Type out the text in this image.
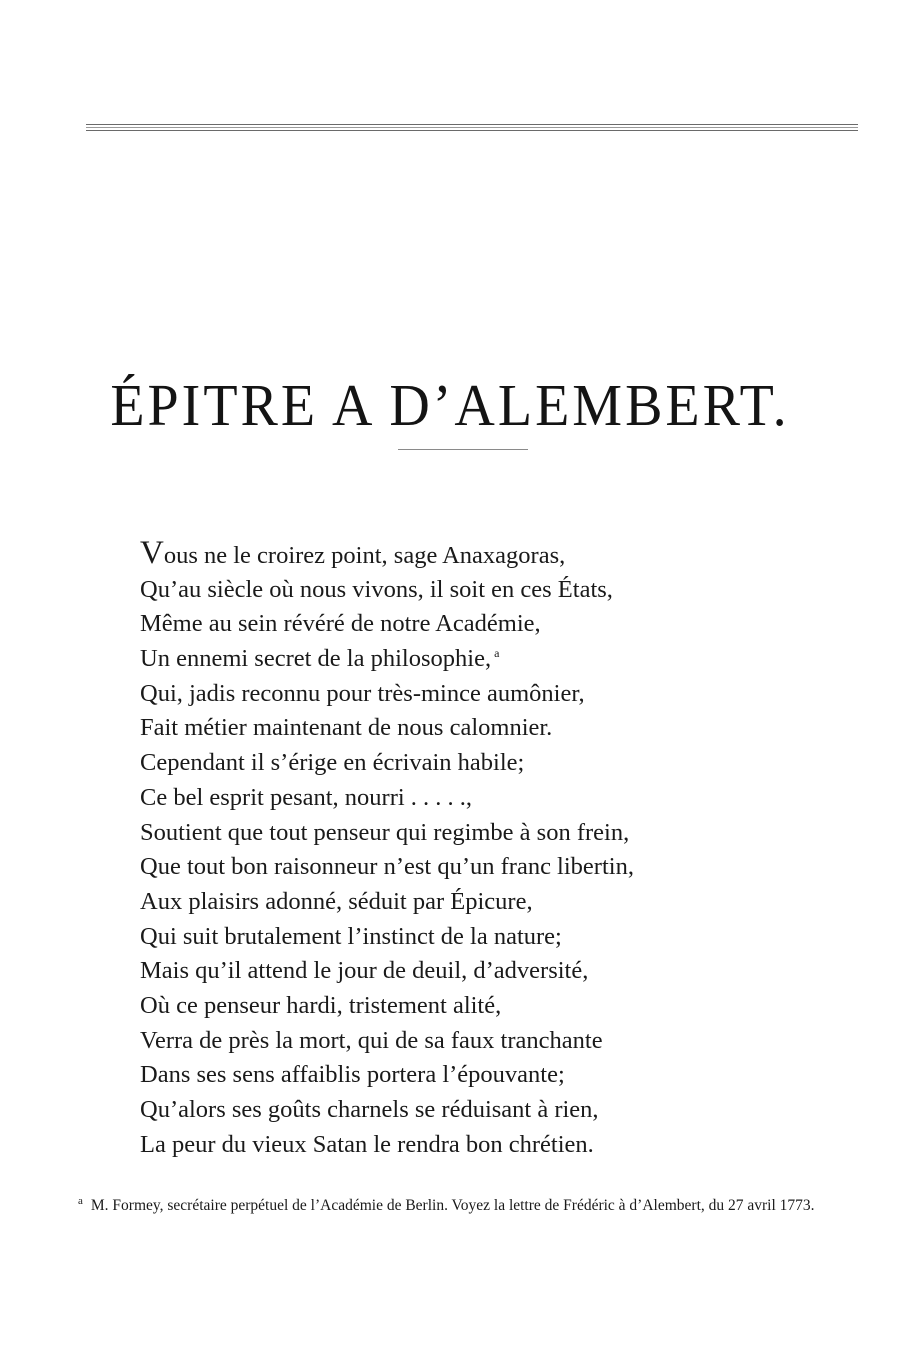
ÉPITRE A D’ALEMBERT.
Vous ne le croirez point, sage Anaxagoras,
Qu’au siècle où nous vivons, il soit en ces États,
Même au sein révéré de notre Académie,
Un ennemi secret de la philosophie, $^a$
Qui, jadis reconnu pour très-mince aumônier,
Fait métier maintenant de nous calomnier.
Cependant il s’érige en écrivain habile;
Ce bel esprit pesant, nourri . . . . .,
Soutient que tout penseur qui regimbe à son frein,
Que tout bon raisonneur n’est qu’un franc libertin,
Aux plaisirs adonné, séduit par Épicure,
Qui suit brutalement l’instinct de la nature;
Mais qu’il attend le jour de deuil, d’adversité,
Où ce penseur hardi, tristement alité,
Verra de près la mort, qui de sa faux tranchante
Dans ses sens affaiblis portera l’épouvante;
Qu’alors ses goûts charnels se réduisant à rien,
La peur du vieux Satan le rendra bon chrétien.
$^a$ M. Formey, secrétaire perpétuel de l’Académie de Berlin. Voyez la lettre de Frédéric à d’Alembert, du 27 avril 1773.
